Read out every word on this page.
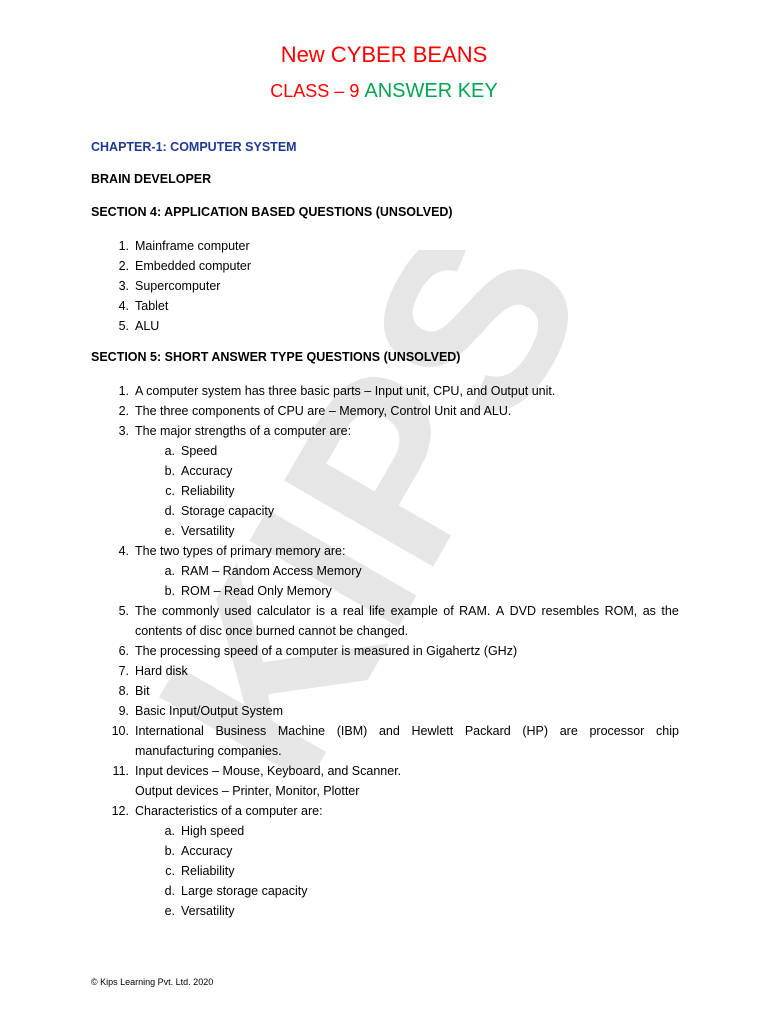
KIPS
New CYBER BEANS
CLASS – 9 ANSWER KEY
CHAPTER-1: COMPUTER SYSTEM
BRAIN DEVELOPER
SECTION 4: APPLICATION BASED QUESTIONS (UNSOLVED)
1. Mainframe computer
2. Embedded computer
3. Supercomputer
4. Tablet
5. ALU
SECTION 5: SHORT ANSWER TYPE QUESTIONS (UNSOLVED)
1. A computer system has three basic parts – Input unit, CPU, and Output unit.
2. The three components of CPU are – Memory, Control Unit and ALU.
3. The major strengths of a computer are:
a. Speed
b. Accuracy
c. Reliability
d. Storage capacity
e. Versatility
4. The two types of primary memory are:
a. RAM – Random Access Memory
b. ROM – Read Only Memory
5. The commonly used calculator is a real life example of RAM. A DVD resembles ROM, as the
contents of disc once burned cannot be changed.
6. The processing speed of a computer is measured in Gigahertz (GHz)
7. Hard disk
8. Bit
9. Basic Input/Output System
10. International Business Machine (IBM) and Hewlett Packard (HP) are processor chip
manufacturing companies.
11. Input devices – Mouse, Keyboard, and Scanner.
Output devices – Printer, Monitor, Plotter
12. Characteristics of a computer are:
a. High speed
b. Accuracy
c. Reliability
d. Large storage capacity
e. Versatility
© Kips Learning Pvt. Ltd. 2020
